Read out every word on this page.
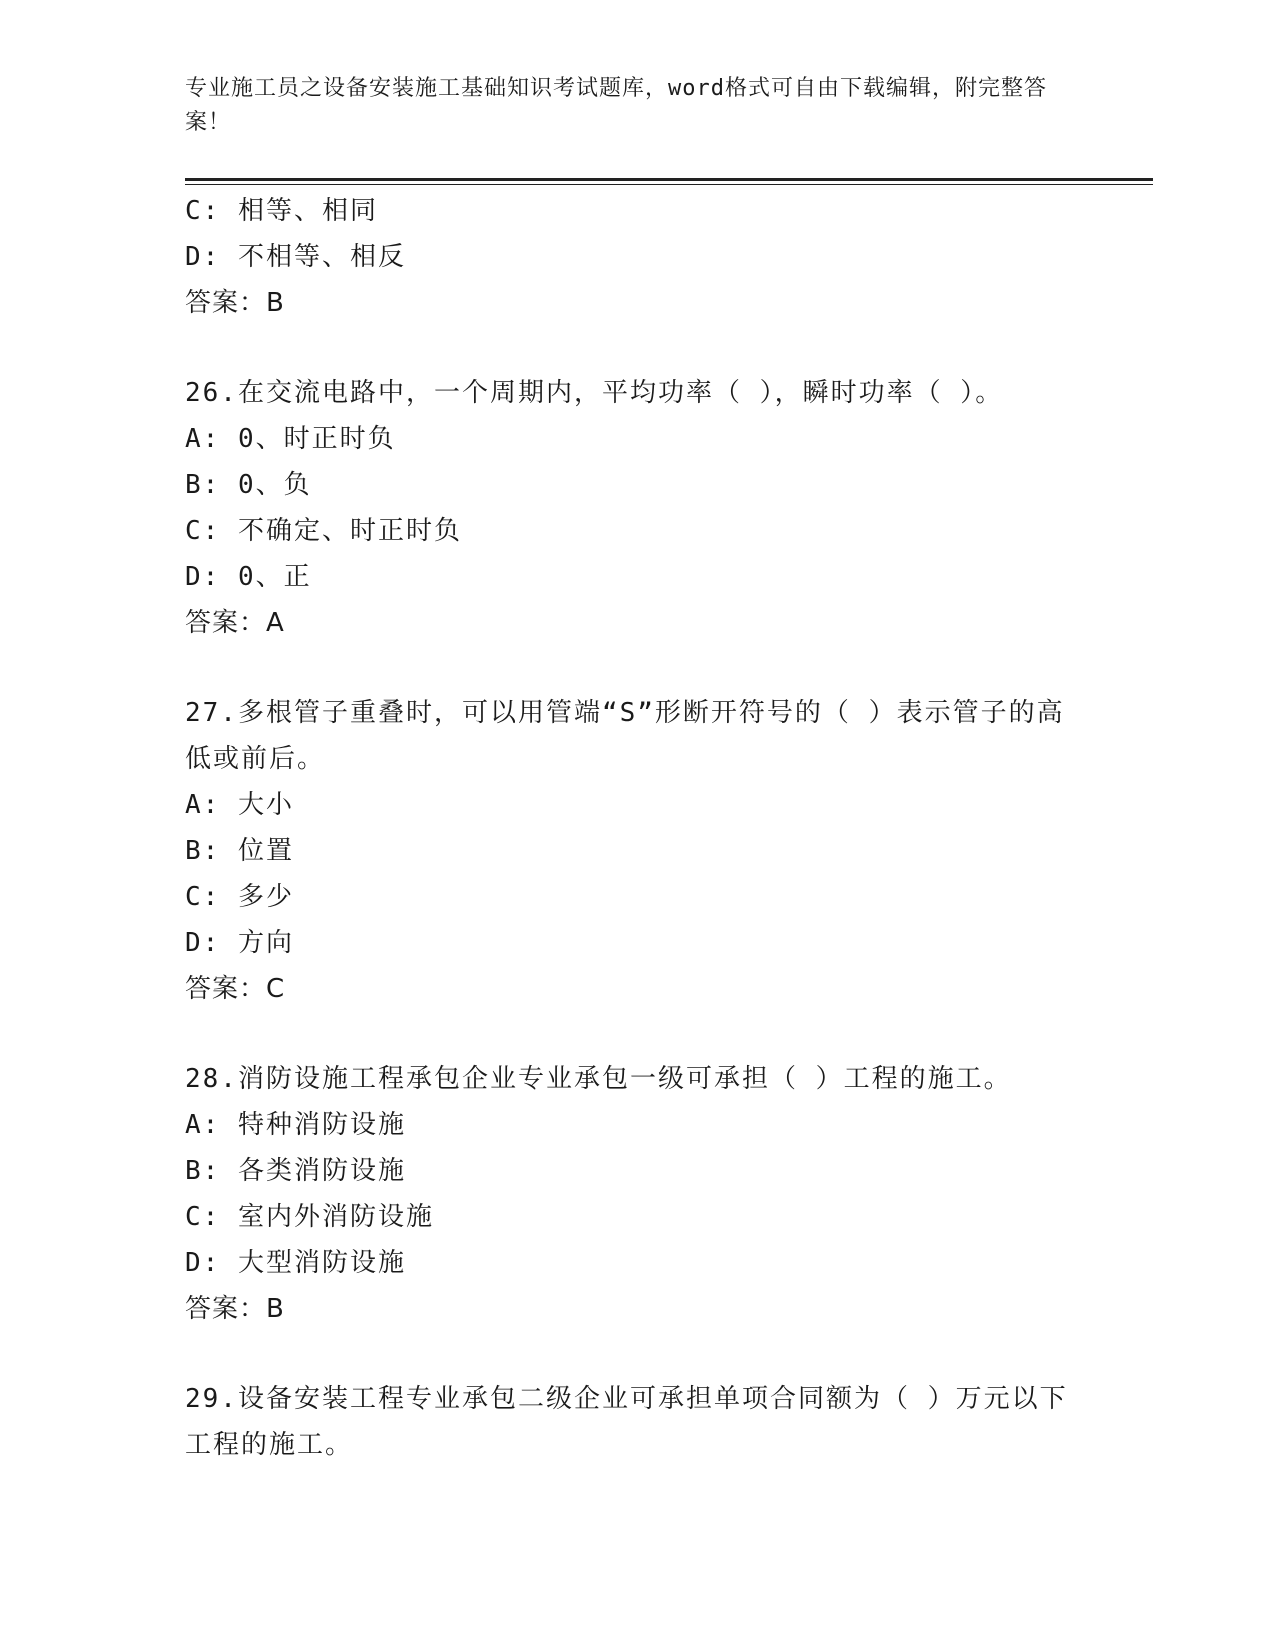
专业施工员之设备安装施工基础知识考试题库，word格式可自由下载编辑，附完整答案！
C: 相等、相同
D: 不相等、相反
答案：B
26.在交流电路中，一个周期内，平均功率（ ），瞬时功率（ ）。
A: 0、时正时负
B: 0、负
C: 不确定、时正时负
D: 0、正
答案：A
27.多根管子重叠时，可以用管端“S”形断开符号的（ ）表示管子的高低或前后。
A: 大小
B: 位置
C: 多少
D: 方向
答案：C
28.消防设施工程承包企业专业承包一级可承担（ ）工程的施工。
A: 特种消防设施
B: 各类消防设施
C: 室内外消防设施
D: 大型消防设施
答案：B
29.设备安装工程专业承包二级企业可承担单项合同额为（ ）万元以下工程的施工。
